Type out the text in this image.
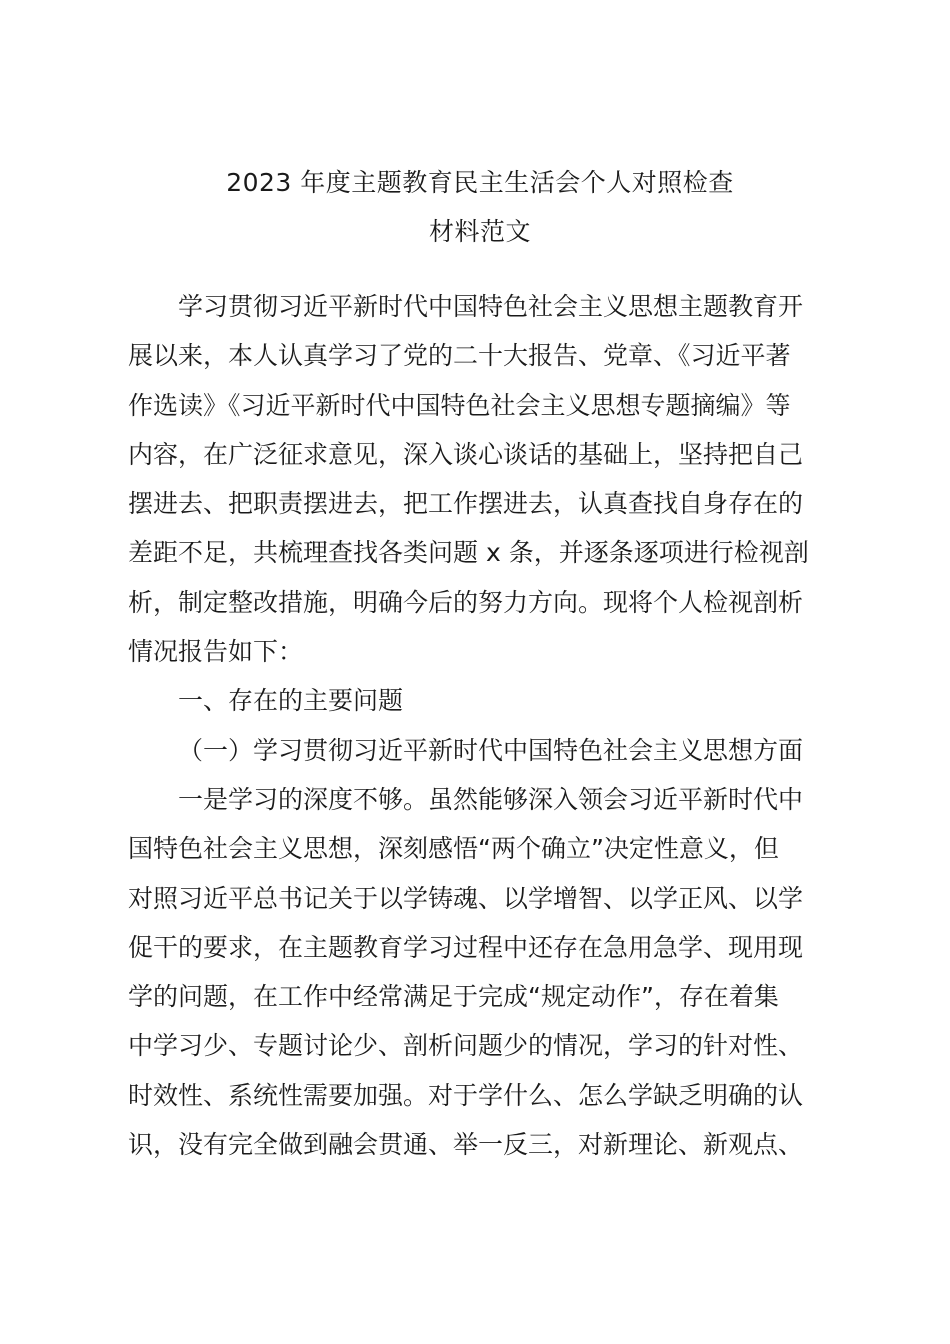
2023 年度主题教育民主生活会个人对照检查
材料范文
学习贯彻习近平新时代中国特色社会主义思想主题教育开
展以来，本人认真学习了党的二十大报告、党章、《习近平著
作选读》《习近平新时代中国特色社会主义思想专题摘编》等
内容，在广泛征求意见，深入谈心谈话的基础上，坚持把自己
摆进去、把职责摆进去，把工作摆进去，认真查找自身存在的
差距不足，共梳理查找各类问题 x 条，并逐条逐项进行检视剖
析，制定整改措施，明确今后的努力方向。现将个人检视剖析
情况报告如下：
一、存在的主要问题
（一）学习贯彻习近平新时代中国特色社会主义思想方面
一是学习的深度不够。虽然能够深入领会习近平新时代中
国特色社会主义思想，深刻感悟“两个确立”决定性意义，但
对照习近平总书记关于以学铸魂、以学增智、以学正风、以学
促干的要求，在主题教育学习过程中还存在急用急学、现用现
学的问题，在工作中经常满足于完成“规定动作”，存在着集
中学习少、专题讨论少、剖析问题少的情况，学习的针对性、
时效性、系统性需要加强。对于学什么、怎么学缺乏明确的认
识，没有完全做到融会贯通、举一反三，对新理论、新观点、
